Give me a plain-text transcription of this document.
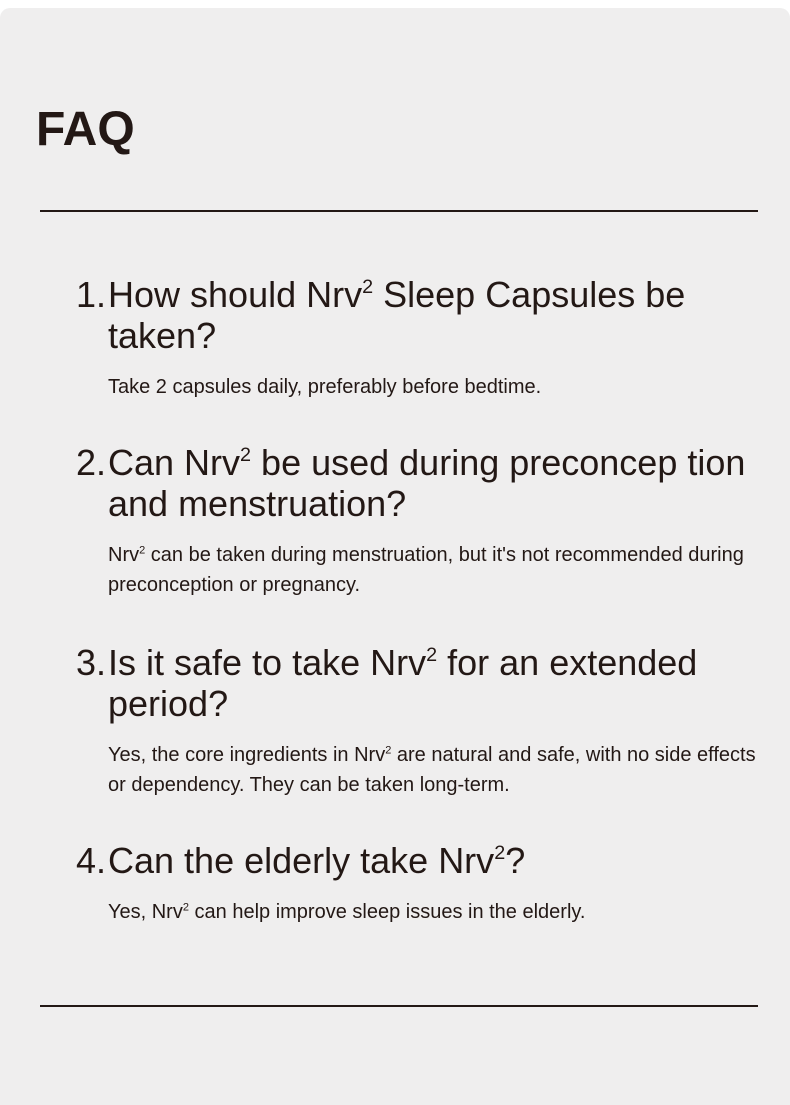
FAQ
1. How should Nrv$^2$ Sleep Capsules be taken?

Take 2 capsules daily, preferably before bedtime.

2. Can Nrv$^2$ be used during preconcep tion and menstruation?

Nrv$^2$ can be taken during menstruation, but it's not recommended during preconception or pregnancy.

3. Is it safe to take Nrv$^2$ for an extended period?

Yes, the core ingredients in Nrv$^2$ are natural and safe, with no side effects or dependency. They can be taken long-term.

4. Can the elderly take Nrv$^2$?

Yes, Nrv$^2$ can help improve sleep issues in the elderly.
